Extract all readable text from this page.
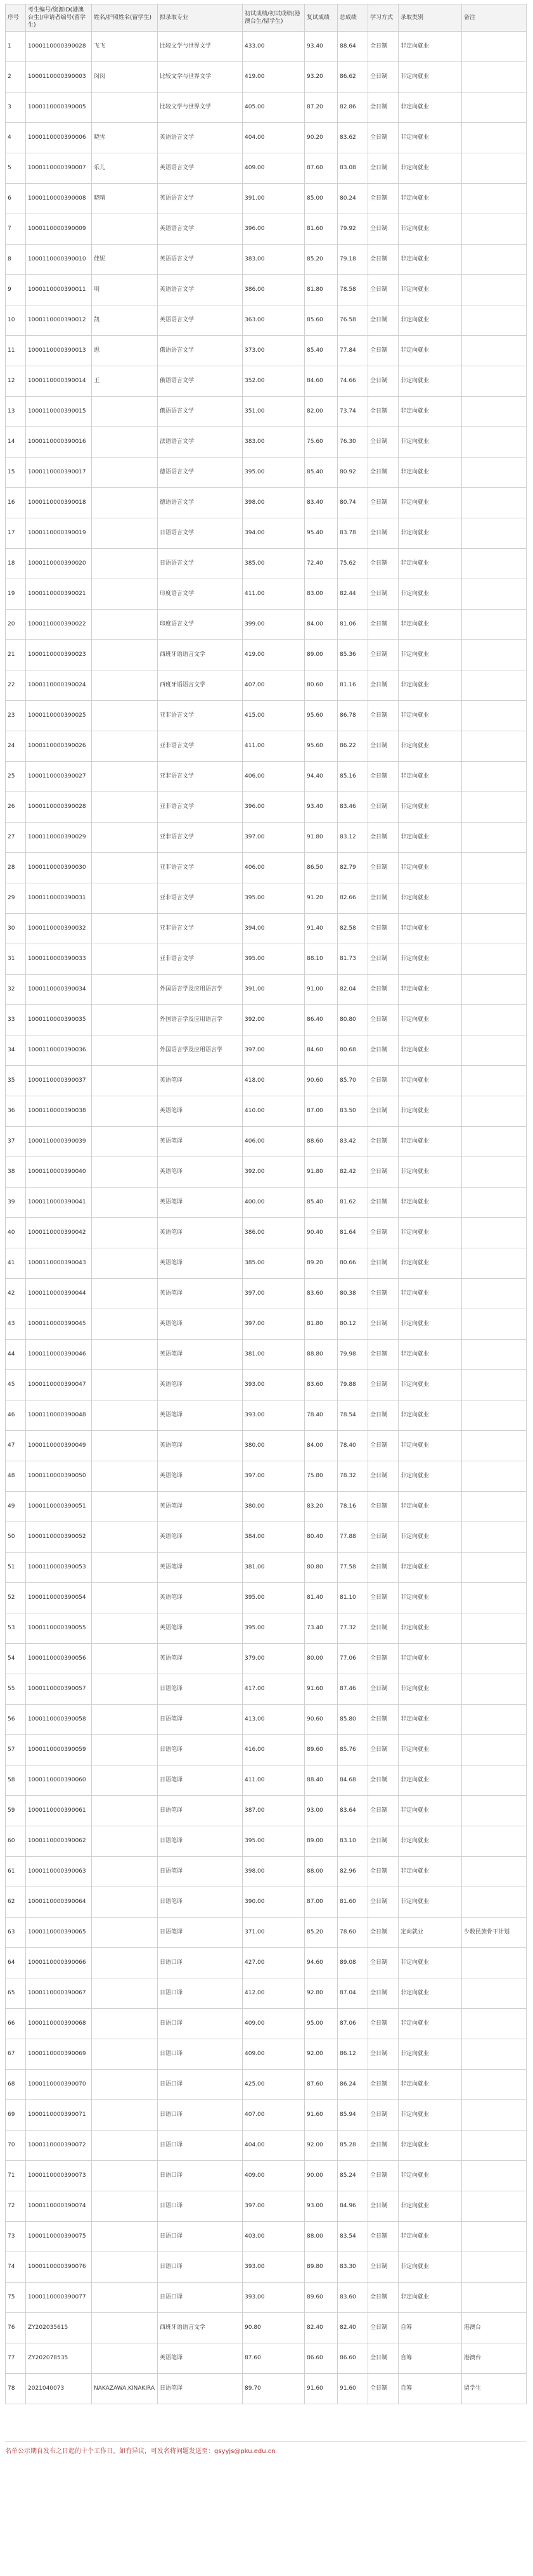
序号	考生编号/资源ID(港澳台生)/申请者编号(留学生)	姓名/护照姓名(留学生)	拟录取专业	初试成绩/初试成绩(港澳台生/留学生)	复试成绩	总成绩	学习方式	录取类别	备注
1	1000110000390028	飞飞	比较文学与世界文学	433.00	93.40	88.64	全日制	非定向就业	
2	1000110000390003	闵闵	比较文学与世界文学	419.00	93.20	86.62	全日制	非定向就业	
3	1000110000390005		比较文学与世界文学	405.00	87.20	82.86	全日制	非定向就业	
4	1000110000390006	晓雪	英语语言文学	404.00	90.20	83.62	全日制	非定向就业	
5	1000110000390007	乐儿	英语语言文学	409.00	87.60	83.08	全日制	非定向就业	
6	1000110000390008	晓晴	英语语言文学	391.00	85.00	80.24	全日制	非定向就业	
7	1000110000390009		英语语言文学	396.00	81.60	79.92	全日制	非定向就业	
8	1000110000390010	佳妮	英语语言文学	383.00	85.20	79.18	全日制	非定向就业	
9	1000110000390011	明	英语语言文学	386.00	81.80	78.58	全日制	非定向就业	
10	1000110000390012	凯	英语语言文学	363.00	85.60	76.58	全日制	非定向就业	
11	1000110000390013	思	俄语语言文学	373.00	85.40	77.84	全日制	非定向就业	
12	1000110000390014	王	俄语语言文学	352.00	84.60	74.66	全日制	非定向就业	
13	1000110000390015		俄语语言文学	351.00	82.00	73.74	全日制	非定向就业	
14	1000110000390016		法语语言文学	383.00	75.60	76.30	全日制	非定向就业	
15	1000110000390017		德语语言文学	395.00	85.40	80.92	全日制	非定向就业	
16	1000110000390018		德语语言文学	398.00	83.40	80.74	全日制	非定向就业	
17	1000110000390019		日语语言文学	394.00	95.40	83.78	全日制	非定向就业	
18	1000110000390020		日语语言文学	385.00	72.40	75.62	全日制	非定向就业	
19	1000110000390021		印度语言文学	411.00	83.00	82.44	全日制	非定向就业	
20	1000110000390022		印度语言文学	399.00	84.00	81.06	全日制	非定向就业	
21	1000110000390023		西班牙语语言文学	419.00	89.00	85.36	全日制	非定向就业	
22	1000110000390024		西班牙语语言文学	407.00	80.60	81.16	全日制	非定向就业	
23	1000110000390025		亚非语言文学	415.00	95.60	86.78	全日制	非定向就业	
24	1000110000390026		亚非语言文学	411.00	95.60	86.22	全日制	非定向就业	
25	1000110000390027		亚非语言文学	406.00	94.40	85.16	全日制	非定向就业	
26	1000110000390028		亚非语言文学	396.00	93.40	83.46	全日制	非定向就业	
27	1000110000390029		亚非语言文学	397.00	91.80	83.12	全日制	非定向就业	
28	1000110000390030		亚非语言文学	406.00	86.50	82.79	全日制	非定向就业	
29	1000110000390031		亚非语言文学	395.00	91.20	82.66	全日制	非定向就业	
30	1000110000390032		亚非语言文学	394.00	91.40	82.58	全日制	非定向就业	
31	1000110000390033		亚非语言文学	395.00	88.10	81.73	全日制	非定向就业	
32	1000110000390034		外国语言学及应用语言学	391.00	91.00	82.04	全日制	非定向就业	
33	1000110000390035		外国语言学及应用语言学	392.00	86.40	80.80	全日制	非定向就业	
34	1000110000390036		外国语言学及应用语言学	397.00	84.60	80.68	全日制	非定向就业	
35	1000110000390037		英语笔译	418.00	90.60	85.70	全日制	非定向就业	
36	1000110000390038		英语笔译	410.00	87.00	83.50	全日制	非定向就业	
37	1000110000390039		英语笔译	406.00	88.60	83.42	全日制	非定向就业	
38	1000110000390040		英语笔译	392.00	91.80	82.42	全日制	非定向就业	
39	1000110000390041		英语笔译	400.00	85.40	81.62	全日制	非定向就业	
40	1000110000390042		英语笔译	386.00	90.40	81.64	全日制	非定向就业	
41	1000110000390043		英语笔译	385.00	89.20	80.66	全日制	非定向就业	
42	1000110000390044		英语笔译	397.00	83.60	80.38	全日制	非定向就业	
43	1000110000390045		英语笔译	397.00	81.80	80.12	全日制	非定向就业	
44	1000110000390046		英语笔译	381.00	88.80	79.98	全日制	非定向就业	
45	1000110000390047		英语笔译	393.00	83.60	79.88	全日制	非定向就业	
46	1000110000390048		英语笔译	393.00	78.40	78.54	全日制	非定向就业	
47	1000110000390049		英语笔译	380.00	84.00	78.40	全日制	非定向就业	
48	1000110000390050		英语笔译	397.00	75.80	78.32	全日制	非定向就业	
49	1000110000390051		英语笔译	380.00	83.20	78.16	全日制	非定向就业	
50	1000110000390052		英语笔译	384.00	80.40	77.88	全日制	非定向就业	
51	1000110000390053		英语笔译	381.00	80.80	77.58	全日制	非定向就业	
52	1000110000390054		英语笔译	395.00	81.40	81.10	全日制	非定向就业	
53	1000110000390055		英语笔译	395.00	73.40	77.32	全日制	非定向就业	
54	1000110000390056		英语笔译	379.00	80.00	77.06	全日制	非定向就业	
55	1000110000390057		日语笔译	417.00	91.60	87.46	全日制	非定向就业	
56	1000110000390058		日语笔译	413.00	90.60	85.80	全日制	非定向就业	
57	1000110000390059		日语笔译	416.00	89.60	85.76	全日制	非定向就业	
58	1000110000390060		日语笔译	411.00	88.40	84.68	全日制	非定向就业	
59	1000110000390061		日语笔译	387.00	93.00	83.64	全日制	非定向就业	
60	1000110000390062		日语笔译	395.00	89.00	83.10	全日制	非定向就业	
61	1000110000390063		日语笔译	398.00	88.00	82.96	全日制	非定向就业	
62	1000110000390064		日语笔译	390.00	87.00	81.60	全日制	非定向就业	
63	1000110000390065		日语笔译	371.00	85.20	78.60	全日制	定向就业	少数民族骨干计划
64	1000110000390066		日语口译	427.00	94.60	89.08	全日制	非定向就业	
65	1000110000390067		日语口译	412.00	92.80	87.04	全日制	非定向就业	
66	1000110000390068		日语口译	409.00	95.00	87.06	全日制	非定向就业	
67	1000110000390069		日语口译	409.00	92.00	86.12	全日制	非定向就业	
68	1000110000390070		日语口译	425.00	87.60	86.24	全日制	非定向就业	
69	1000110000390071		日语口译	407.00	91.60	85.94	全日制	非定向就业	
70	1000110000390072		日语口译	404.00	92.00	85.28	全日制	非定向就业	
71	1000110000390073		日语口译	409.00	90.00	85.24	全日制	非定向就业	
72	1000110000390074		日语口译	397.00	93.00	84.96	全日制	非定向就业	
73	1000110000390075		日语口译	403.00	88.00	83.54	全日制	非定向就业	
74	1000110000390076		日语口译	393.00	89.80	83.30	全日制	非定向就业	
75	1000110000390077		日语口译	393.00	89.60	83.60	全日制	非定向就业	
76	ZY202035615		西班牙语语言文学	90.80	82.40	82.40	全日制	自筹	港澳台
77	ZY202078535		英语笔译	87.60	86.60	86.60	全日制	自筹	港澳台
78	2021040073	NAKAZAWA,KINAKIRA	日语笔译	89.70	91.60	91.60	全日制	自筹	留学生
名单公示期自发布之日起的十个工作日。如有异议，可发名将问题发送至：gsyyjs@pku.edu.cn
